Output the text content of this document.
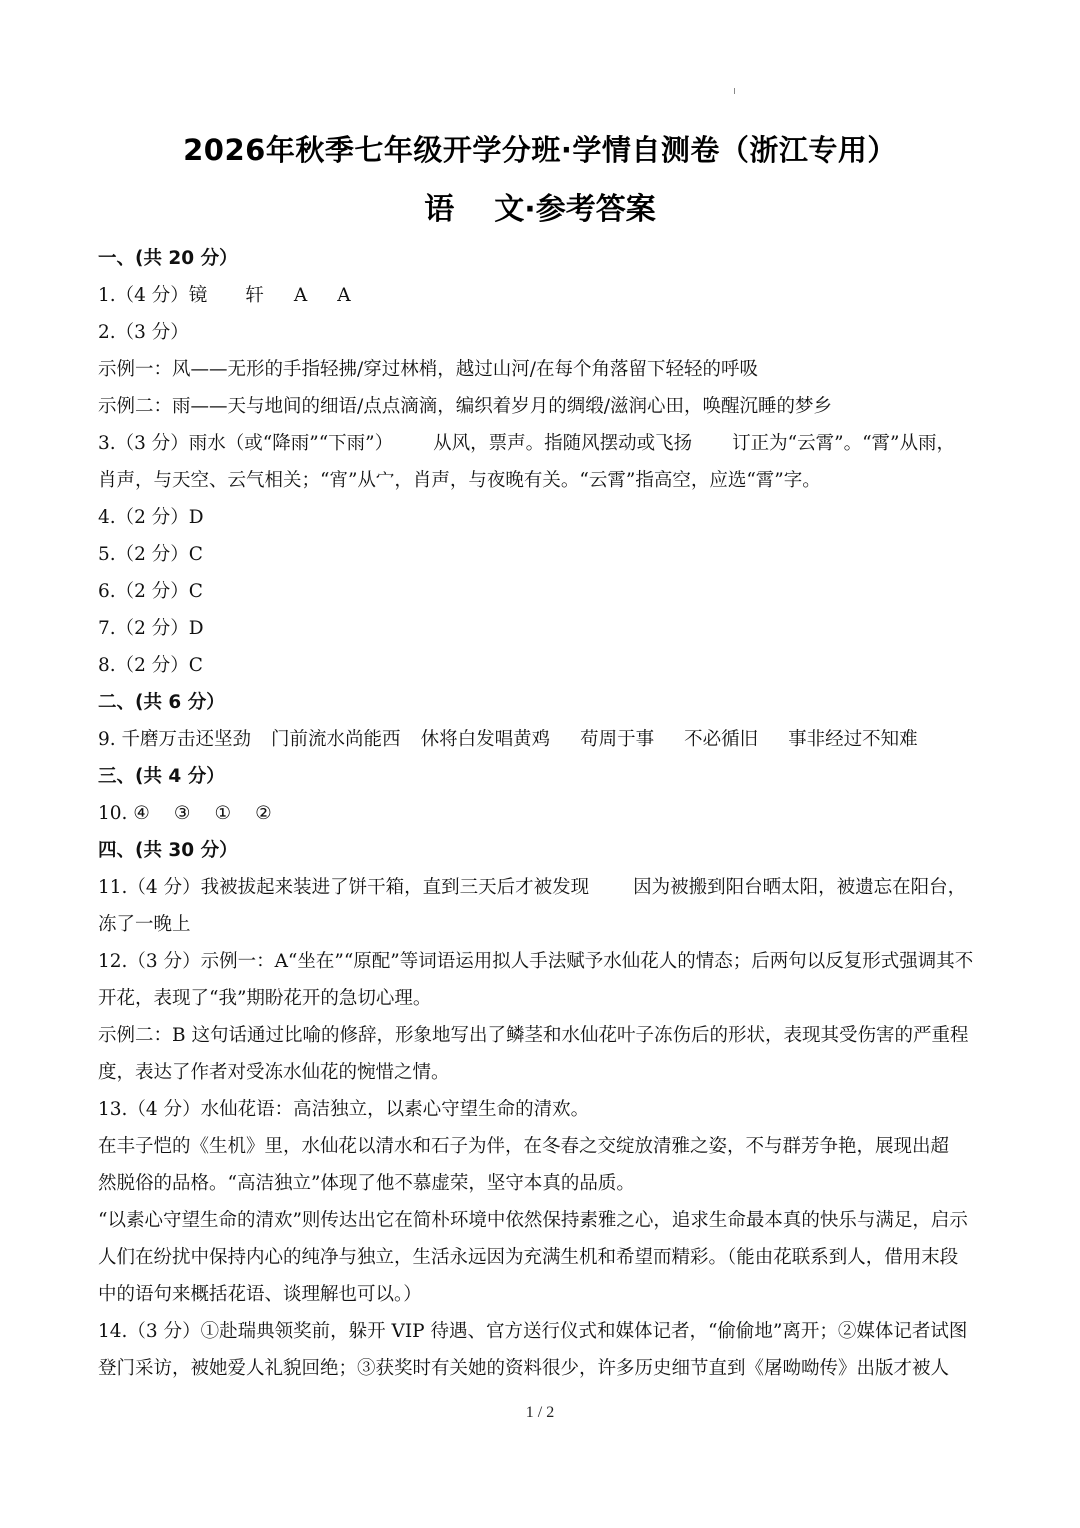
2026年秋季七年级开学分班·学情自测卷（浙江专用）
语 文·参考答案
一、(共 20 分）
1.（4 分）镜 轩 A A
2.（3 分）
示例一：风——无形的手指轻拂/穿过林梢，越过山河/在每个角落留下轻轻的呼吸
示例二：雨——天与地间的细语/点点滴滴，编织着岁月的绸缎/滋润心田，唤醒沉睡的梦乡
3.（3 分）雨水（或“降雨”“下雨”） 从风，票声。指随风摆动或飞扬 订正为“云霄”。“霄”从雨，
肖声，与天空、云气相关；“宵”从宀，肖声，与夜晚有关。“云霄”指高空，应选“霄”字。
4.（2 分）D
5.（2 分）C
6.（2 分）C
7.（2 分）D
8.（2 分）C
二、(共 6 分）
9. 千磨万击还坚劲 门前流水尚能西 休将白发唱黄鸡 苟周于事 不必循旧 事非经过不知难
三、(共 4 分）
10. ④ ③ ① ②
四、(共 30 分）
11.（4 分）我被拔起来装进了饼干箱，直到三天后才被发现 因为被搬到阳台晒太阳，被遗忘在阳台，
冻了一晚上
12.（3 分）示例一：A“坐在”“原配”等词语运用拟人手法赋予水仙花人的情态；后两句以反复形式强调其不
开花，表现了“我”期盼花开的急切心理。
示例二：B 这句话通过比喻的修辞，形象地写出了鳞茎和水仙花叶子冻伤后的形状，表现其受伤害的严重程
度，表达了作者对受冻水仙花的惋惜之情。
13.（4 分）水仙花语：高洁独立，以素心守望生命的清欢。
在丰子恺的《生机》里，水仙花以清水和石子为伴，在冬春之交绽放清雅之姿，不与群芳争艳，展现出超
然脱俗的品格。“高洁独立”体现了他不慕虚荣，坚守本真的品质。
“以素心守望生命的清欢”则传达出它在简朴环境中依然保持素雅之心，追求生命最本真的快乐与满足，启示
人们在纷扰中保持内心的纯净与独立，生活永远因为充满生机和希望而精彩。（能由花联系到人，借用末段
中的语句来概括花语、谈理解也可以。）
14.（3 分）①赴瑞典领奖前，躲开 VIP 待遇、官方送行仪式和媒体记者，“偷偷地”离开；②媒体记者试图
登门采访，被她爱人礼貌回绝；③获奖时有关她的资料很少，许多历史细节直到《屠呦呦传》出版才被人
1 / 2
